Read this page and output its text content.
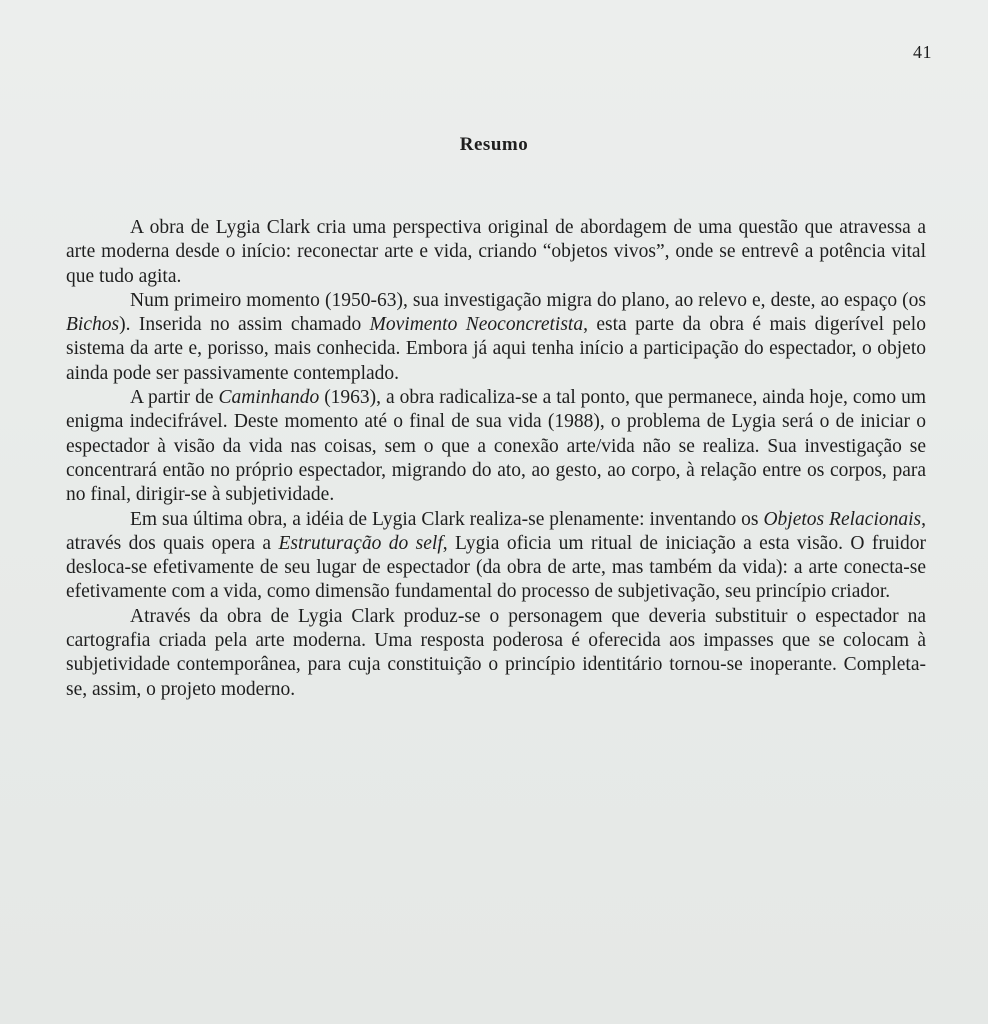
41
Resumo

A obra de Lygia Clark cria uma perspectiva original de abordagem de uma questão que atravessa a arte moderna desde o início: reconectar arte e vida, criando “objetos vivos”, onde se entrevê a potência vital que tudo agita.

Num primeiro momento (1950-63), sua investigação migra do plano, ao relevo e, deste, ao espaço (os Bichos). Inserida no assim chamado Movimento Neoconcretista, esta parte da obra é mais digerível pelo sistema da arte e, porisso, mais conhecida. Embora já aqui tenha início a participação do espectador, o objeto ainda pode ser passivamente contemplado.

A partir de Caminhando (1963), a obra radicaliza-se a tal ponto, que permanece, ainda hoje, como um enigma indecifrável. Deste momento até o final de sua vida (1988), o problema de Lygia será o de iniciar o espectador à visão da vida nas coisas, sem o que a conexão arte/vida não se realiza. Sua investigação se concentrará então no próprio espectador, migrando do ato, ao gesto, ao corpo, à relação entre os corpos, para no final, dirigir-se à subjetividade.

Em sua última obra, a idéia de Lygia Clark realiza-se plenamente: inventando os Objetos Relacionais, através dos quais opera a Estruturação do self, Lygia oficia um ritual de iniciação a esta visão. O fruidor desloca-se efetivamente de seu lugar de espectador (da obra de arte, mas também da vida): a arte conecta-se efetivamente com a vida, como dimensão fundamental do processo de subjetivação, seu princípio criador.

Através da obra de Lygia Clark produz-se o personagem que deveria substituir o espectador na cartografia criada pela arte moderna. Uma resposta poderosa é oferecida aos impasses que se colocam à subjetividade contemporânea, para cuja constituição o princípio identitário tornou-se inoperante. Completa-se, assim, o projeto moderno.
